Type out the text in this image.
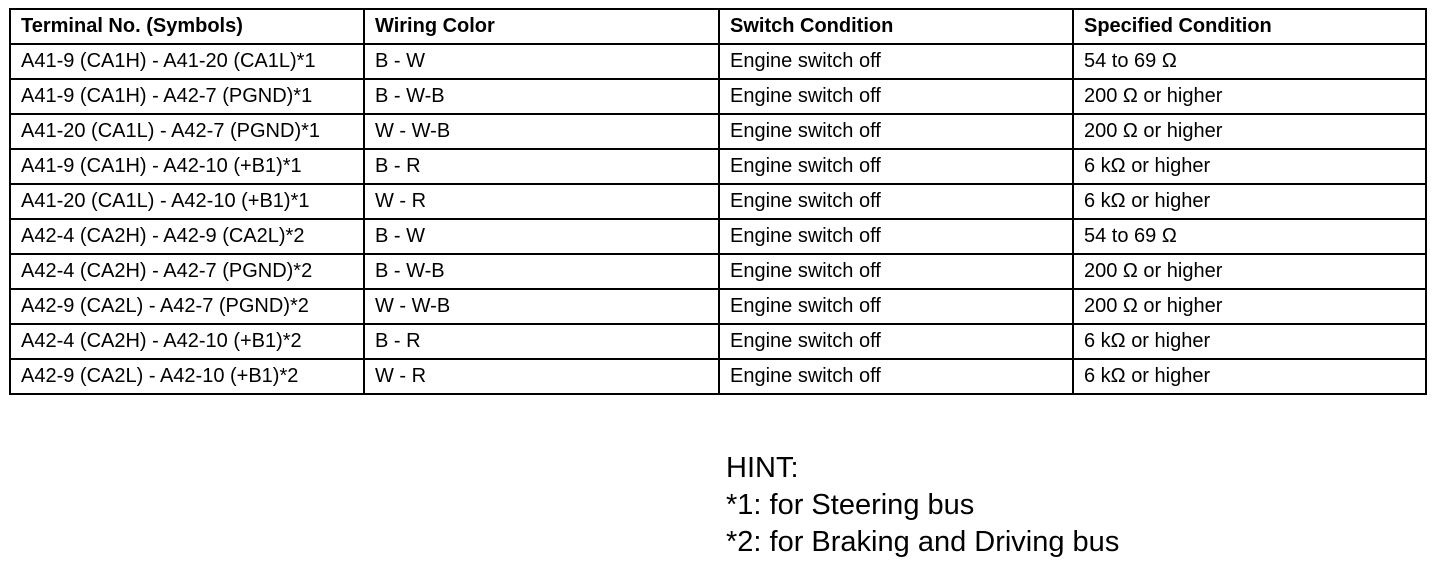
Terminal No. (Symbols)	Wiring Color	Switch Condition	Specified Condition
A41-9 (CA1H) - A41-20 (CA1L)*1	B - W	Engine switch off	54 to 69 Ω
A41-9 (CA1H) - A42-7 (PGND)*1	B - W-B	Engine switch off	200 Ω or higher
A41-20 (CA1L) - A42-7 (PGND)*1	W - W-B	Engine switch off	200 Ω or higher
A41-9 (CA1H) - A42-10 (+B1)*1	B - R	Engine switch off	6 kΩ or higher
A41-20 (CA1L) - A42-10 (+B1)*1	W - R	Engine switch off	6 kΩ or higher
A42-4 (CA2H) - A42-9 (CA2L)*2	B - W	Engine switch off	54 to 69 Ω
A42-4 (CA2H) - A42-7 (PGND)*2	B - W-B	Engine switch off	200 Ω or higher
A42-9 (CA2L) - A42-7 (PGND)*2	W - W-B	Engine switch off	200 Ω or higher
A42-4 (CA2H) - A42-10 (+B1)*2	B - R	Engine switch off	6 kΩ or higher
A42-9 (CA2L) - A42-10 (+B1)*2	W - R	Engine switch off	6 kΩ or higher
HINT:
*1: for Steering bus
*2: for Braking and Driving bus
